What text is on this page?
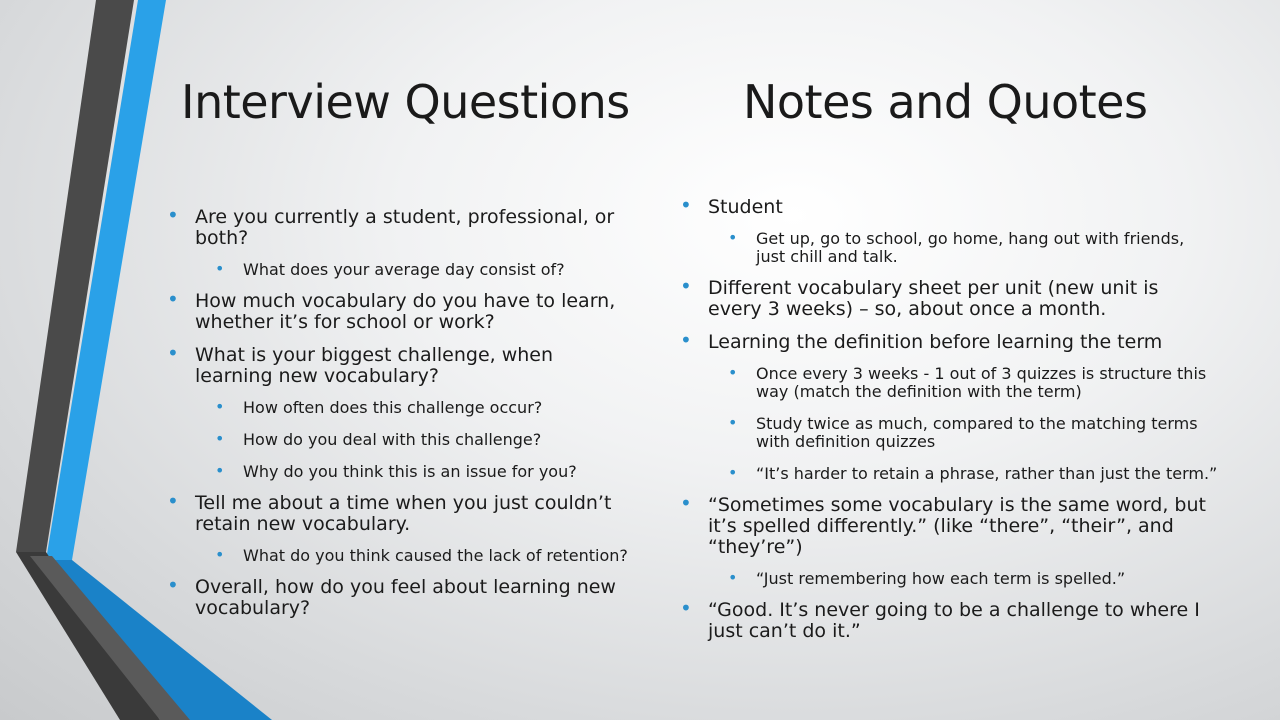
Interview Questions Notes and Quotes
• Are you currently a student, professional, or both?
• What does your average day consist of?
• How much vocabulary do you have to learn, whether it’s for school or work?
• What is your biggest challenge, when learning new vocabulary?
• How often does this challenge occur?
• How do you deal with this challenge?
• Why do you think this is an issue for you?
• Tell me about a time when you just couldn’t retain new vocabulary.
• What do you think caused the lack of retention?
• Overall, how do you feel about learning new vocabulary?
• Student
• Get up, go to school, go home, hang out with friends, just chill and talk.
• Different vocabulary sheet per unit (new unit is every 3 weeks) – so, about once a month.
• Learning the definition before learning the term
• Once every 3 weeks - 1 out of 3 quizzes is structure this way (match the definition with the term)
• Study twice as much, compared to the matching terms with definition quizzes
• “It’s harder to retain a phrase, rather than just the term.”
• “Sometimes some vocabulary is the same word, but it’s spelled differently.” (like “there”, “their”, and “they’re”)
• “Just remembering how each term is spelled.”
• “Good. It’s never going to be a challenge to where I just can’t do it.”
